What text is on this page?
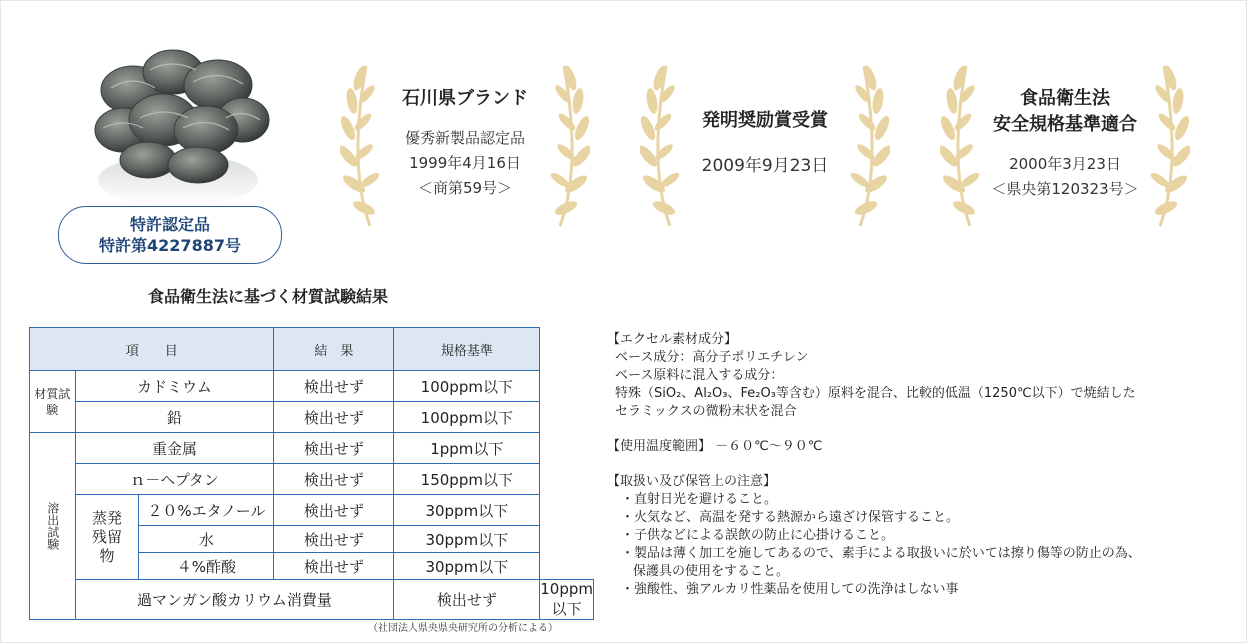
特許認定品
特許第4227887号
石川県ブランド
優秀新製品認定品
1999年4月16日
＜商第59号＞
発明奨励賞受賞
2009年9月23日
食品衛生法
安全規格基準適合
2000年3月23日
＜県央第120323号＞
食品衛生法に基づく材質試験結果
項　　目			結　果	規格基準	
材質試験	カドミウム		検出せず	100ppm以下	
	鉛		検出せず	100ppm以下	
溶出試験	重金属		検出せず	1ppm以下	
	ｎ－ヘプタン		検出せず	150ppm以下	
	蒸発残留物	２０%エタノール	検出せず	30ppm以下	
		水	検出せず	30ppm以下	
		４%酢酸	検出せず	30ppm以下	
	過マンガン酸カリウム消費量			検出せず	10ppm以下
（社団法人県央県央研究所の分析による）
【エクセル素材成分】
ベース成分：高分子ポリエチレン
ベース原料に混入する成分：
特殊（SiO₂、Al₂O₃、Fe₂O₃等含む）原料を混合、比較的低温（1250℃以下）で焼結した
セラミックスの微粉末状を混合
【使用温度範囲】 －６０℃～９０℃
【取扱い及び保管上の注意】
・直射日光を避けること。
・火気など、高温を発する熱源から遠ざけ保管すること。
・子供などによる誤飲の防止に心掛けること。
・製品は薄く加工を施してあるので、素手による取扱いに於いては擦り傷等の防止の為、
保護具の使用をすること。
・強酸性、強アルカリ性薬品を使用しての洗浄はしない事
